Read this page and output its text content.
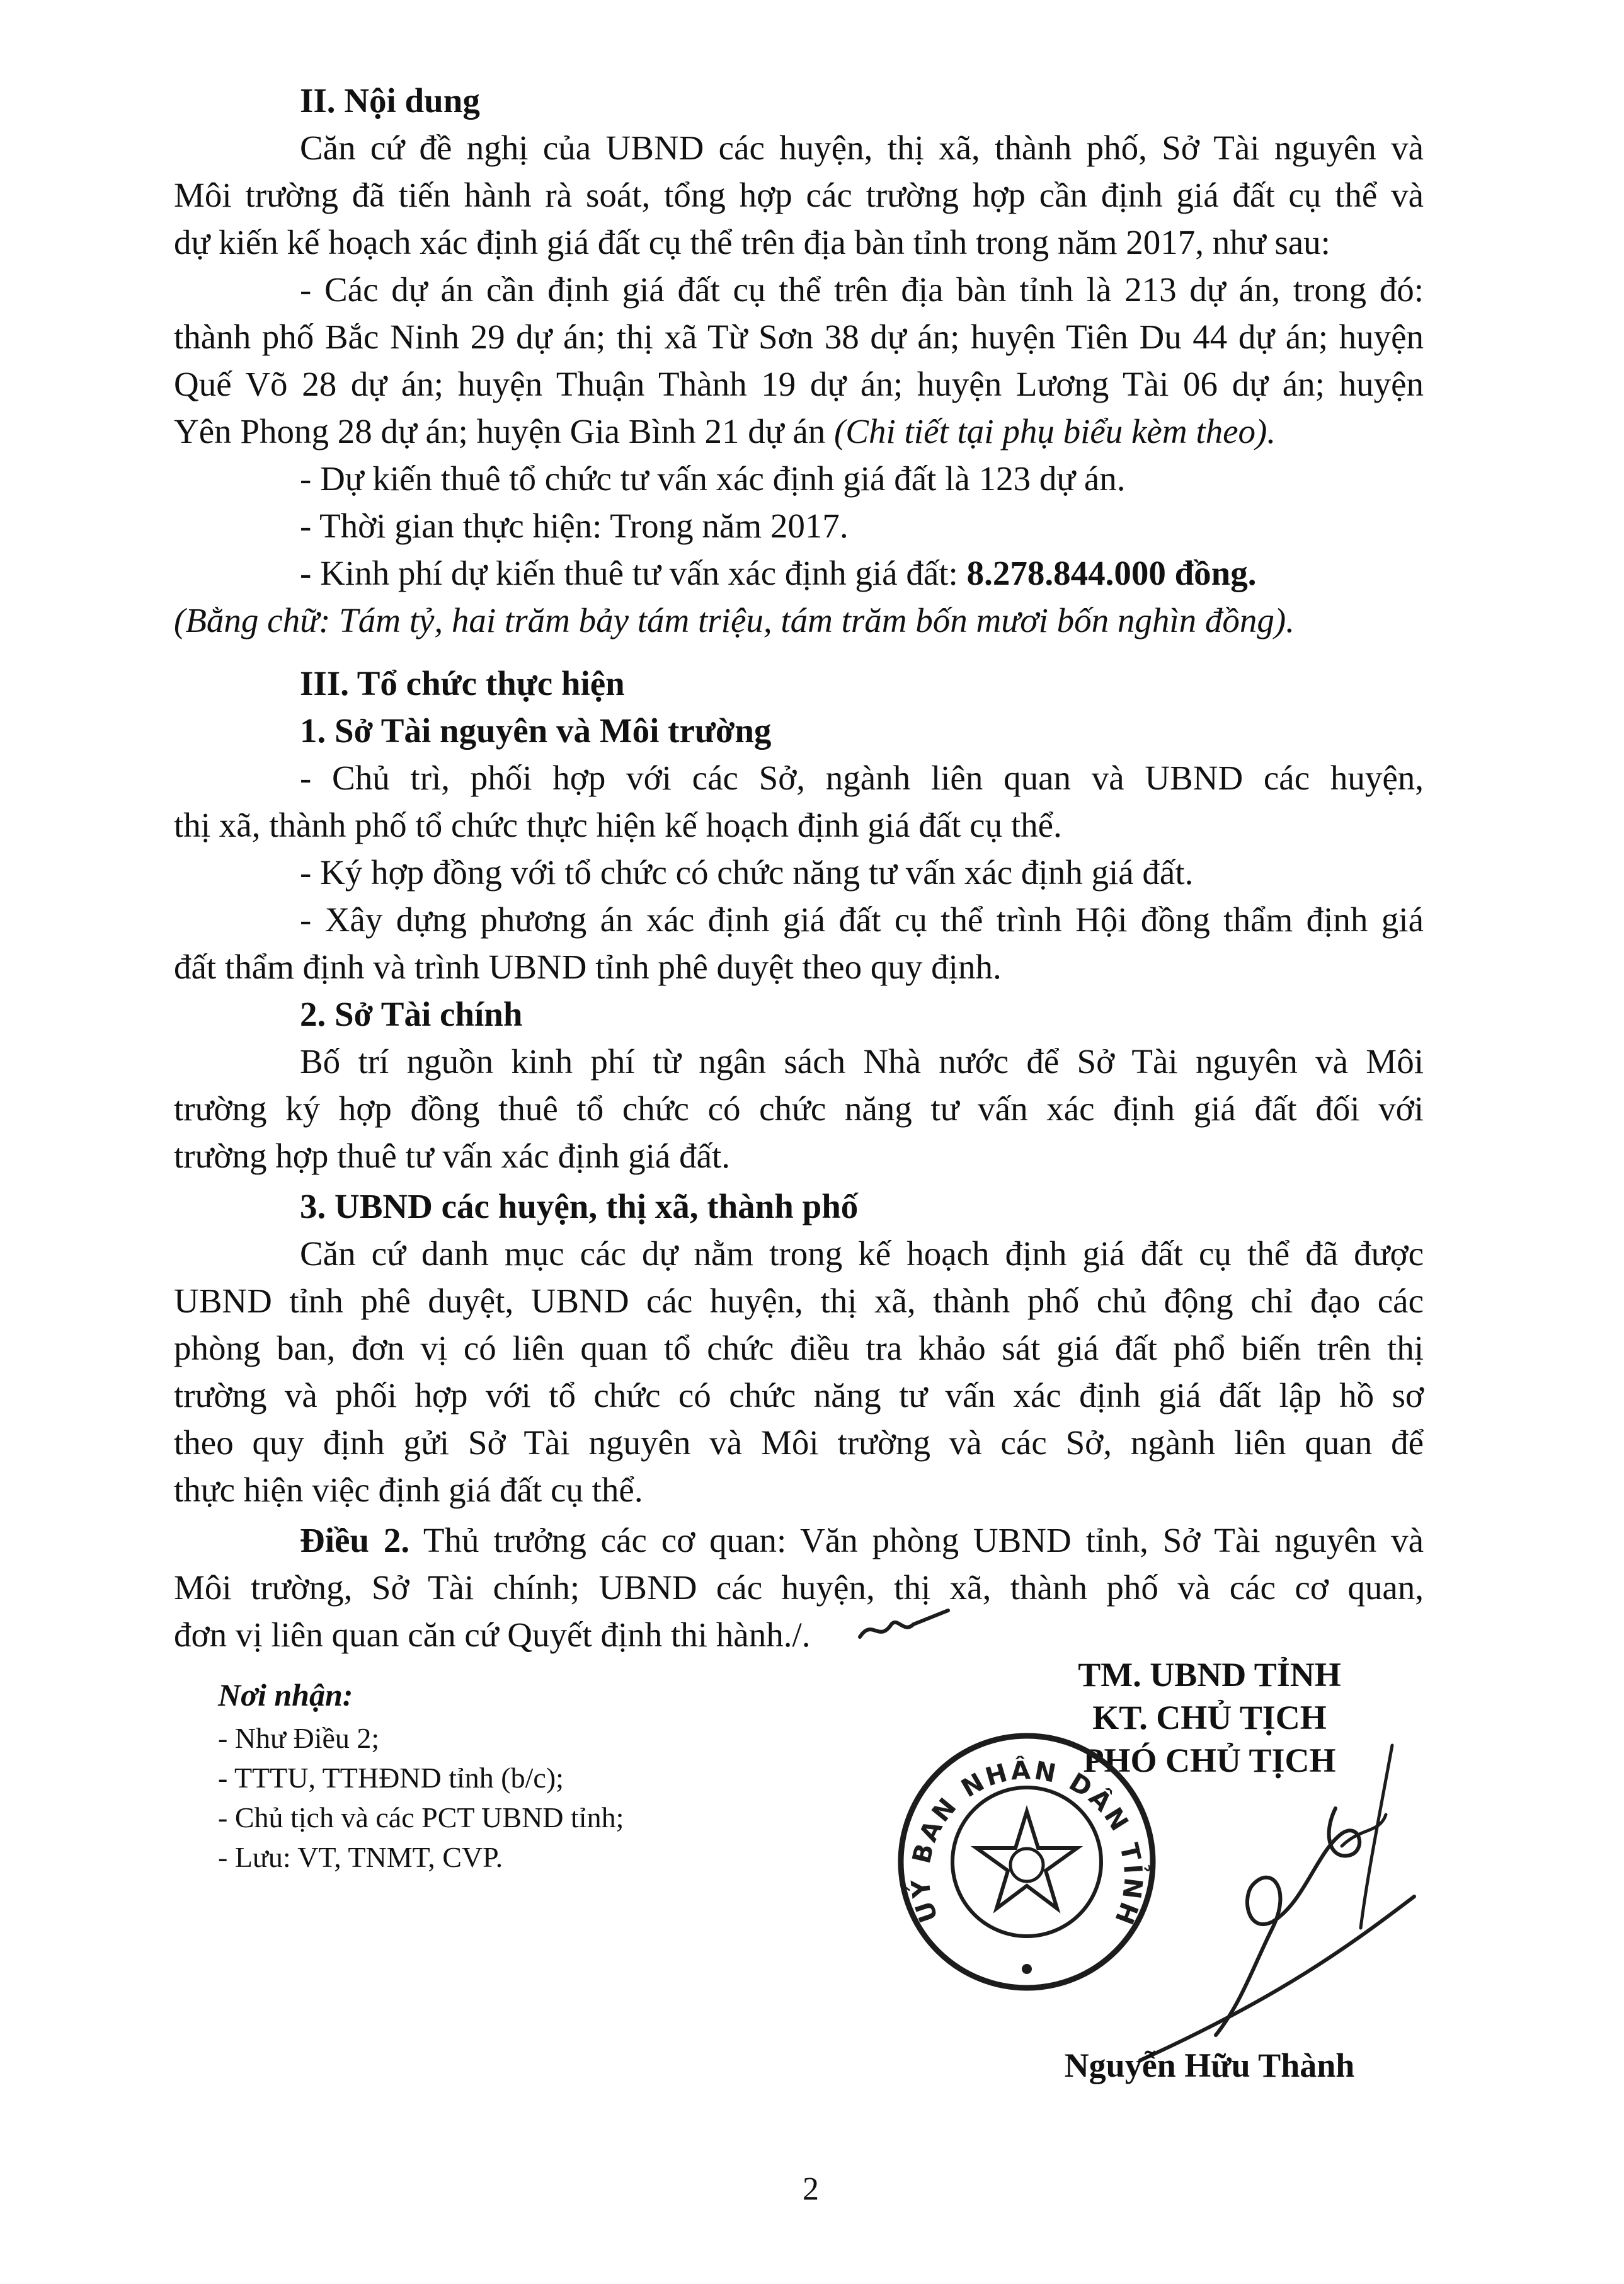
II. Nội dung
Căn cứ đề nghị của UBND các huyện, thị xã, thành phố, Sở Tài nguyên và
Môi trường đã tiến hành rà soát, tổng hợp các trường hợp cần định giá đất cụ thể và
dự kiến kế hoạch xác định giá đất cụ thể trên địa bàn tỉnh trong năm 2017, như sau:
- Các dự án cần định giá đất cụ thể trên địa bàn tỉnh là 213 dự án, trong đó:
thành phố Bắc Ninh 29 dự án; thị xã Từ Sơn 38 dự án; huyện Tiên Du 44 dự án; huyện
Quế Võ 28 dự án; huyện Thuận Thành 19 dự án; huyện Lương Tài 06 dự án; huyện
Yên Phong 28 dự án; huyện Gia Bình 21 dự án (Chi tiết tại phụ biểu kèm theo).
- Dự kiến thuê tổ chức tư vấn xác định giá đất là 123 dự án.
- Thời gian thực hiện: Trong năm 2017.
- Kinh phí dự kiến thuê tư vấn xác định giá đất: 8.278.844.000 đồng.
(Bằng chữ: Tám tỷ, hai trăm bảy tám triệu, tám trăm bốn mươi bốn nghìn đồng).
III. Tổ chức thực hiện
1. Sở Tài nguyên và Môi trường
- Chủ trì, phối hợp với các Sở, ngành liên quan và UBND các huyện,
thị xã, thành phố tổ chức thực hiện kế hoạch định giá đất cụ thể.
- Ký hợp đồng với tổ chức có chức năng tư vấn xác định giá đất.
- Xây dựng phương án xác định giá đất cụ thể trình Hội đồng thẩm định giá
đất thẩm định và trình UBND tỉnh phê duyệt theo quy định.
2. Sở Tài chính
Bố trí nguồn kinh phí từ ngân sách Nhà nước để Sở Tài nguyên và Môi
trường ký hợp đồng thuê tổ chức có chức năng tư vấn xác định giá đất đối với
trường hợp thuê tư vấn xác định giá đất.
3. UBND các huyện, thị xã, thành phố
Căn cứ danh mục các dự nằm trong kế hoạch định giá đất cụ thể đã được
UBND tỉnh phê duyệt, UBND các huyện, thị xã, thành phố chủ động chỉ đạo các
phòng ban, đơn vị có liên quan tổ chức điều tra khảo sát giá đất phổ biến trên thị
trường và phối hợp với tổ chức có chức năng tư vấn xác định giá đất lập hồ sơ
theo quy định gửi Sở Tài nguyên và Môi trường và các Sở, ngành liên quan để
thực hiện việc định giá đất cụ thể.
Điều 2. Thủ trưởng các cơ quan: Văn phòng UBND tỉnh, Sở Tài nguyên và
Môi trường, Sở Tài chính; UBND các huyện, thị xã, thành phố và các cơ quan,
đơn vị liên quan căn cứ Quyết định thi hành./.
Nơi nhận:
- Như Điều 2;
- TTTU, TTHĐND tỉnh (b/c);
- Chủ tịch và các PCT UBND tỉnh;
- Lưu: VT, TNMT, CVP.
TM. UBND TỈNH
KT. CHỦ TỊCH
PHÓ CHỦ TỊCH
UỶ BAN NHÂN DÂN TỈNH BẮC NINH
Nguyễn Hữu Thành
2
